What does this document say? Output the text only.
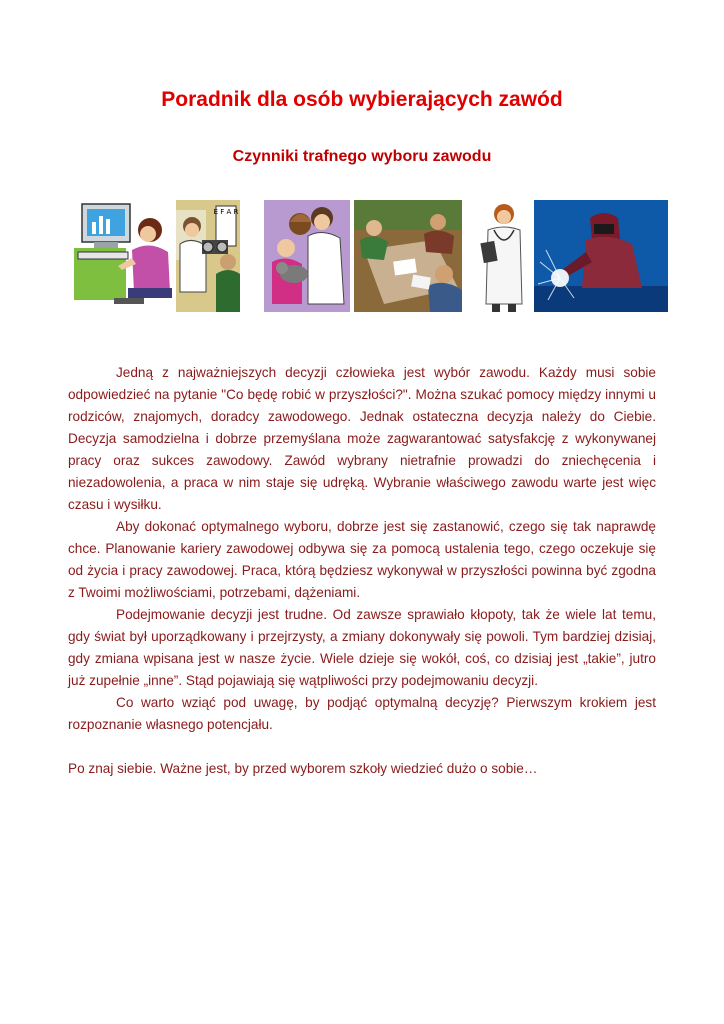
Poradnik dla osób wybierających zawód
Czynniki trafnego wyboru zawodu
E F A R

Jedną z najważniejszych decyzji człowieka jest wybór zawodu. Każdy musi sobie odpowiedzieć na pytanie "Co będę robić w przyszłości?". Można szukać pomocy między innymi u rodziców, znajomych, doradcy zawodowego. Jednak ostateczna decyzja należy do Ciebie. Decyzja samodzielna i dobrze przemyślana może zagwarantować satysfakcję z wykonywanej pracy oraz sukces zawodowy. Zawód wybrany nietrafnie prowadzi do zniechęcenia i niezadowolenia, a praca w nim staje się udręką. Wybranie właściwego zawodu warte jest więc czasu i wysiłku.

Aby dokonać optymalnego wyboru, dobrze jest się zastanowić, czego się tak naprawdę chce. Planowanie kariery zawodowej odbywa się za pomocą ustalenia tego, czego oczekuje się od życia i pracy zawodowej. Praca, którą będziesz wykonywał w przyszłości powinna być zgodna z Twoimi możliwościami, potrzebami, dążeniami.

Podejmowanie decyzji jest trudne. Od zawsze sprawiało kłopoty, tak że wiele lat temu, gdy świat był uporządkowany i przejrzysty, a zmiany dokonywały się powoli. Tym bardziej dzisiaj, gdy zmiana wpisana jest w nasze życie. Wiele dzieje się wokół, coś, co dzisiaj jest „takie”, jutro już zupełnie „inne”. Stąd pojawiają się wątpliwości przy podejmowaniu decyzji.

Co warto wziąć pod uwagę, by podjąć optymalną decyzję? Pierwszym krokiem jest rozpoznanie własnego potencjału.

Po znaj siebie. Ważne jest, by przed wyborem szkoły wiedzieć dużo o sobie…
